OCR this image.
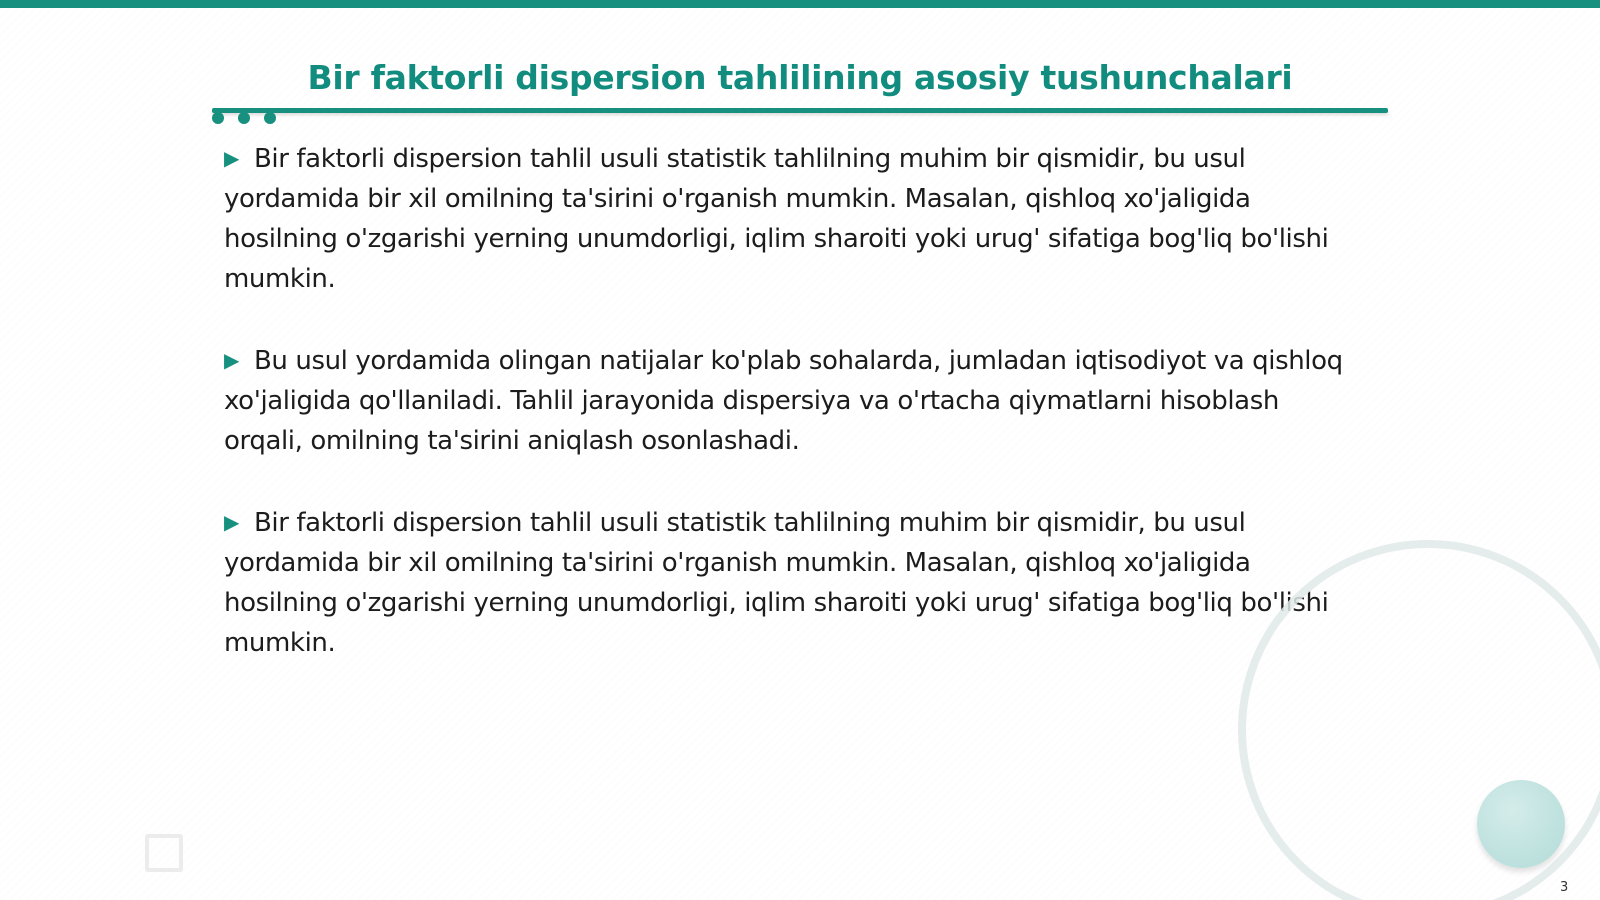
Bir faktorli dispersion tahlilining asosiy tushunchalari

▶ Bir faktorli dispersion tahlil usuli statistik tahlilning muhim bir qismidir, bu usul yordamida bir xil omilning ta'sirini o'rganish mumkin. Masalan, qishloq xo'jaligida hosilning o'zgarishi yerning unumdorligi, iqlim sharoiti yoki urug' sifatiga bog'liq bo'lishi mumkin.

▶ Bu usul yordamida olingan natijalar ko'plab sohalarda, jumladan iqtisodiyot va qishloq xo'jaligida qo'llaniladi. Tahlil jarayonida dispersiya va o'rtacha qiymatlarni hisoblash orqali, omilning ta'sirini aniqlash osonlashadi.

▶ Bir faktorli dispersion tahlil usuli statistik tahlilning muhim bir qismidir, bu usul yordamida bir xil omilning ta'sirini o'rganish mumkin. Masalan, qishloq xo'jaligida hosilning o'zgarishi yerning unumdorligi, iqlim sharoiti yoki urug' sifatiga bog'liq bo'lishi mumkin.

3
